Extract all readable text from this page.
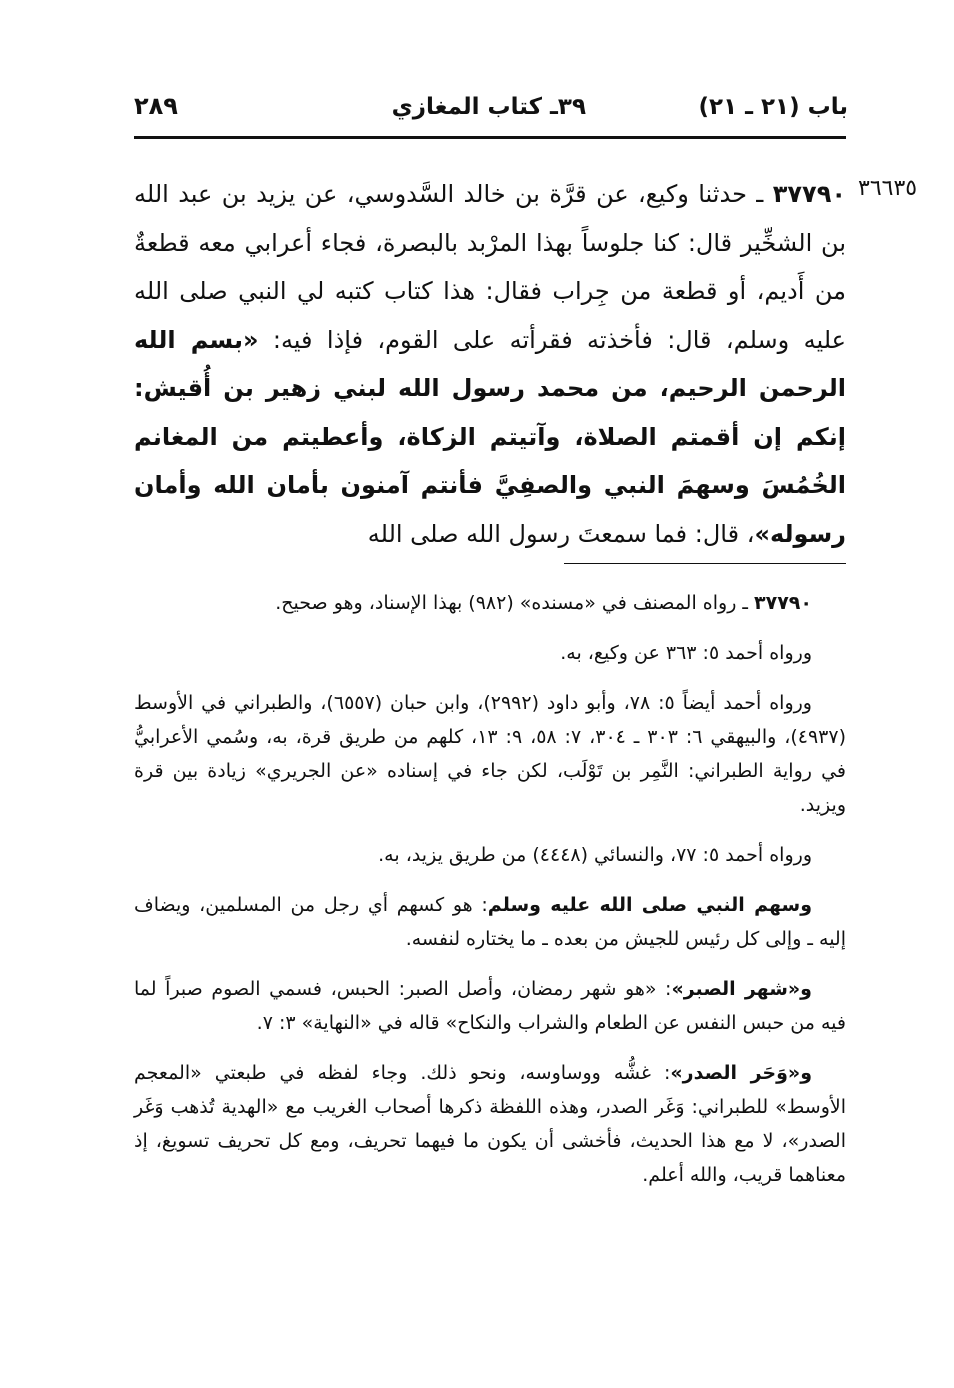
باب (٢١ ـ ٢١)
٣٩ـ كتاب المغازي
٢٨٩
٣٦٦٣٥
٣٧٧٩٠ ـ حدثنا وكيع، عن قرَّة بن خالد السَّدوسي، عن يزيد بن عبد الله بن الشخِّير قال: كنا جلوساً بهذا المرْبد بالبصرة، فجاء أعرابي معه قطعةٌ من أَديم، أو قطعة من جِراب فقال: هذا كتاب كتبه لي النبي صلى الله عليه وسلم، قال: فأخذته فقرأته على القوم، فإذا فيه: «بسم الله الرحمن الرحيم، من محمد رسول الله لبني زهير بن أُقيش: إنكم إن أقمتم الصلاة، وآتيتم الزكاة، وأعطيتم من المغانم الخُمُسَ وسهمَ النبي والصفِيَّ فأنتم آمنون بأمان الله وأمان رسوله»، قال: فما سمعتَ رسول الله صلى الله

٣٧٧٩٠ ـ رواه المصنف في «مسنده» (٩٨٢) بهذا الإسناد، وهو صحيح.

ورواه أحمد ٥: ٣٦٣ عن وكيع، به.

ورواه أحمد أيضاً ٥: ٧٨، وأبو داود (٢٩٩٢)، وابن حبان (٦٥٥٧)، والطبراني في الأوسط (٤٩٣٧)، والبيهقي ٦: ٣٠٣ ـ ٣٠٤، ٧: ٥٨، ٩: ١٣، كلهم من طريق قرة، به، وسُمي الأعرابيُّ في رواية الطبراني: النَّمِر بن تَوْلَب، لكن جاء في إسناده «عن الجريري» زيادة بين قرة ويزيد.

ورواه أحمد ٥: ٧٧، والنسائي (٤٤٤٨) من طريق يزيد، به.

وسهم النبي صلى الله عليه وسلم: هو كسهم أي رجل من المسلمين، ويضاف إليه ـ وإلى كل رئيس للجيش من بعده ـ ما يختاره لنفسه.

و«شهر الصبر»: «هو شهر رمضان، وأصل الصبر: الحبس، فسمي الصوم صبراً لما فيه من حبس النفس عن الطعام والشراب والنكاح» قاله في «النهاية» ٣: ٧.

و«وَحَر الصدر»: غشُّه ووساوسه، ونحو ذلك. وجاء لفظه في طبعتي «المعجم الأوسط» للطبراني: وَغَر الصدر، وهذه اللفظة ذكرها أصحاب الغريب مع «الهدية تُذهب وَغَر الصدر»، لا مع هذا الحديث، فأخشى أن يكون ما فيهما تحريف، ومع كل تحريف تسويغ، إذ معناهما قريب، والله أعلم.
